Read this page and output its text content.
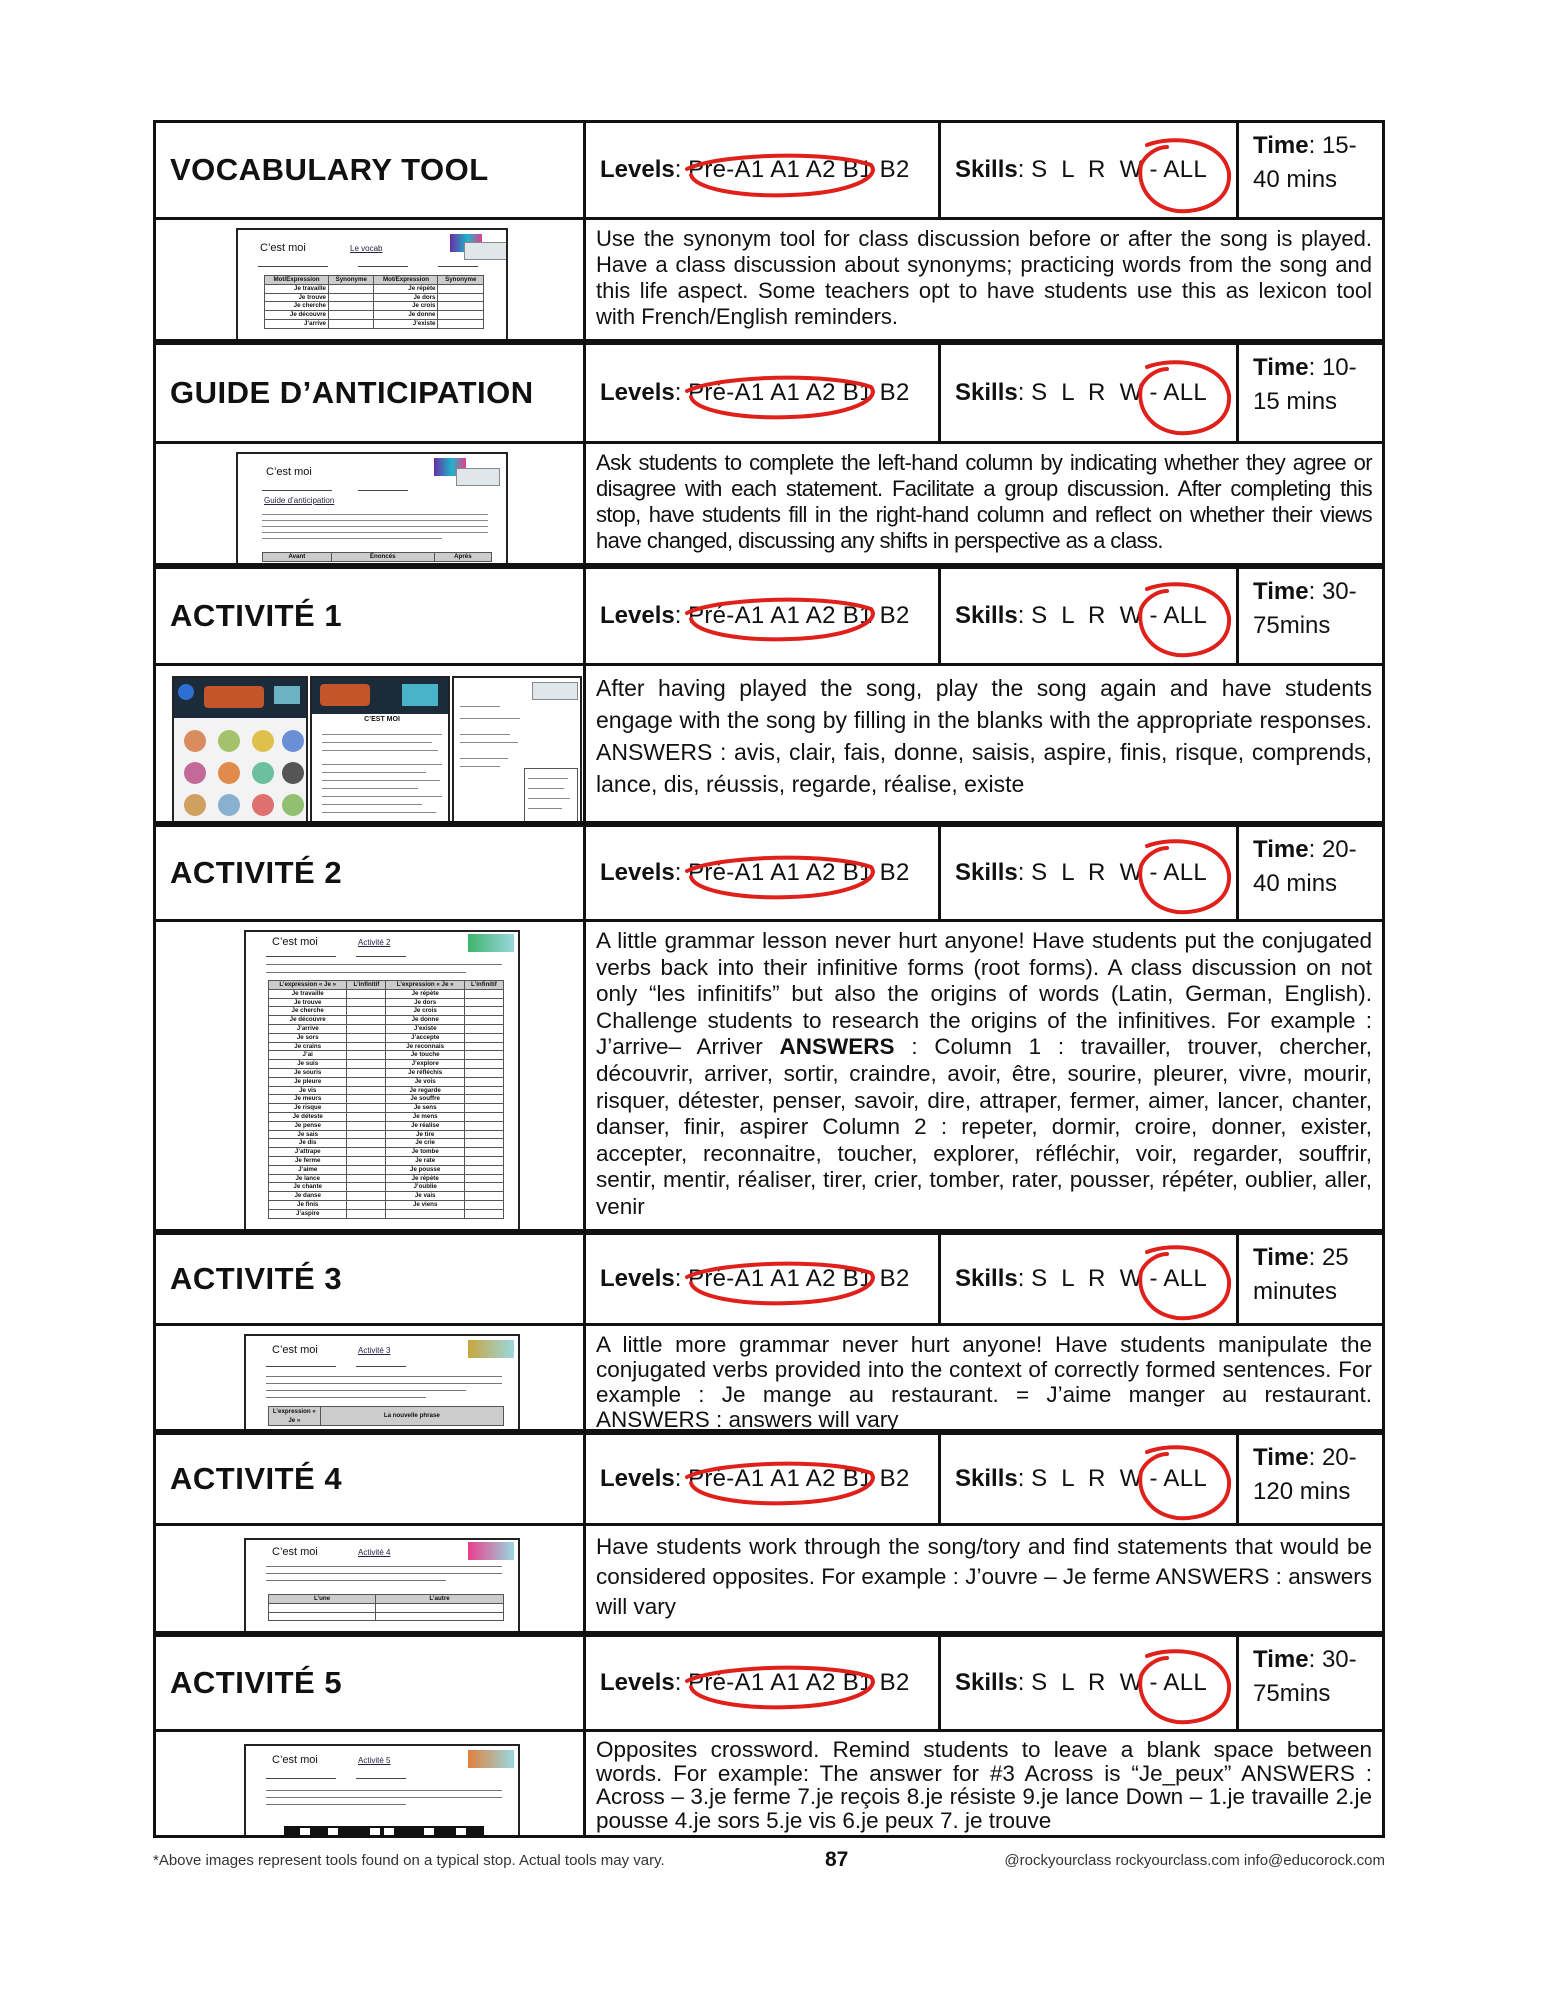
VOCABULARY TOOL	Levels : Pré-A1 A1 A2 B1 B2 Skills : S  L  R  W - ALL
Time: 15-40 mins
C’est moi	Le vocab
Mot/Expression	Synonyme	Mot/Expression	Synonyme
Je travaille		Je répète	
Je trouve		Je dors	
Je cherche		Je crois	
Je découvre		Je donne	
J’arrive		J’existe	
Use the synonym tool for class discussion before or after the song is played. Have a class discussion about synonyms; practicing words from the song and this life aspect. Some teachers opt to have students use this as lexicon tool with French/English reminders.
GUIDE D’ANTICIPATION	Levels : Pré-A1 A1 A2 B1 B2 Skills : S  L  R  W - ALL
Time: 10-15 mins
C’est moi
Guide d’anticipation
Avant	Énoncés	Après
Ask students to complete the left-hand column by indicating whether they agree or disagree with each statement. Facilitate a group discussion. After completing this stop, have students fill in the right-hand column and reflect on whether their views have changed, discussing any shifts in perspective as a class.
ACTIVITÉ 1	Levels : Pré-A1 A1 A2 B1 B2 Skills : S  L  R  W - ALL
Time: 30-75mins
C’EST MOI
After having played the song, play the song again and have students engage with the song by filling in the blanks with the appropriate responses. ANSWERS : avis, clair, fais, donne, saisis, aspire, finis, risque, comprends, lance, dis, réussis, regarde, réalise, existe
ACTIVITÉ 2	Levels : Pré-A1 A1 A2 B1 B2 Skills : S  L  R  W - ALL
Time: 20-40 mins
C’est moi	Activité 2
L’expression « Je »	L’infinitif	L’expression « Je »	L’infinitif
Je travaille		Je répète	
Je trouve		Je dors	
Je cherche		Je crois	
Je découvre		Je donne	
J’arrive		J’existe	
Je sors		J’accepte	
Je crains		Je reconnais	
J’ai		Je touche	
Je suis		J’explore	
Je souris		Je réfléchis	
Je pleure		Je vois	
Je vis		Je regarde	
Je meurs		Je souffre	
Je risque		Je sens	
Je déteste		Je mens	
Je pense		Je réalise	
Je sais		Je tire	
Je dis		Je crie	
J’attrape		Je tombe	
Je ferme		Je rate	
J’aime		Je pousse	
Je lance		Je répète	
Je chante		J’oublie	
Je danse		Je vais	
Je finis		Je viens	
J’aspire			
A little grammar lesson never hurt anyone! Have students put the conjugated verbs back into their infinitive forms (root forms). A class discussion on not only “les infinitifs” but also the origins of words (Latin, German, English). Challenge students to research the origins of the infinitives. For example : J’arrive– Arriver ANSWERS : Column 1 : travailler, trouver, chercher, découvrir, arriver, sortir, craindre, avoir, être, sourire, pleurer, vivre, mourir, risquer, détester, penser, savoir, dire, attraper, fermer, aimer, lancer, chanter, danser, finir, aspirer Column 2 : repeter, dormir, croire, donner, exister, accepter, reconnaitre, toucher, explorer, réfléchir, voir, regarder, souffrir, sentir, mentir, réaliser, tirer, crier, tomber, rater, pousser, répéter, oublier, aller, venir
ACTIVITÉ 3	Levels : Pré-A1 A1 A2 B1 B2 Skills : S  L  R  W - ALL
Time: 25 minutes
C’est moi	Activité 3
L’expression « Je »	La nouvelle phrase
A little more grammar never hurt anyone! Have students manipulate the conjugated verbs provided into the context of correctly formed sentences. For example : Je mange au restaurant. = J’aime manger au restaurant. ANSWERS : answers will vary
ACTIVITÉ 4	Levels : Pré-A1 A1 A2 B1 B2 Skills : S  L  R  W - ALL
Time: 20-120 mins
C’est moi	Activité 4
L’une	L’autre

Have students work through the song/tory and find statements that would be considered opposites. For example : J’ouvre – Je ferme ANSWERS : answers will vary
ACTIVITÉ 5	Levels : Pré-A1 A1 A2 B1 B2 Skills : S  L  R  W - ALL
Time: 30-75mins
C’est moi	Activité 5	Opposites crossword. Remind students to leave a blank space between words. For example: The answer for #3 Across is “Je_peux” ANSWERS : Across – 3.je ferme 7.je reçois 8.je résiste 9.je lance Down – 1.je travaille 2.je pousse 4.je sors 5.je vis 6.je peux 7. je trouve
*Above images represent tools found on a typical stop. Actual tools may vary.	87	@rockyourclass rockyourclass.com info@educorock.com
